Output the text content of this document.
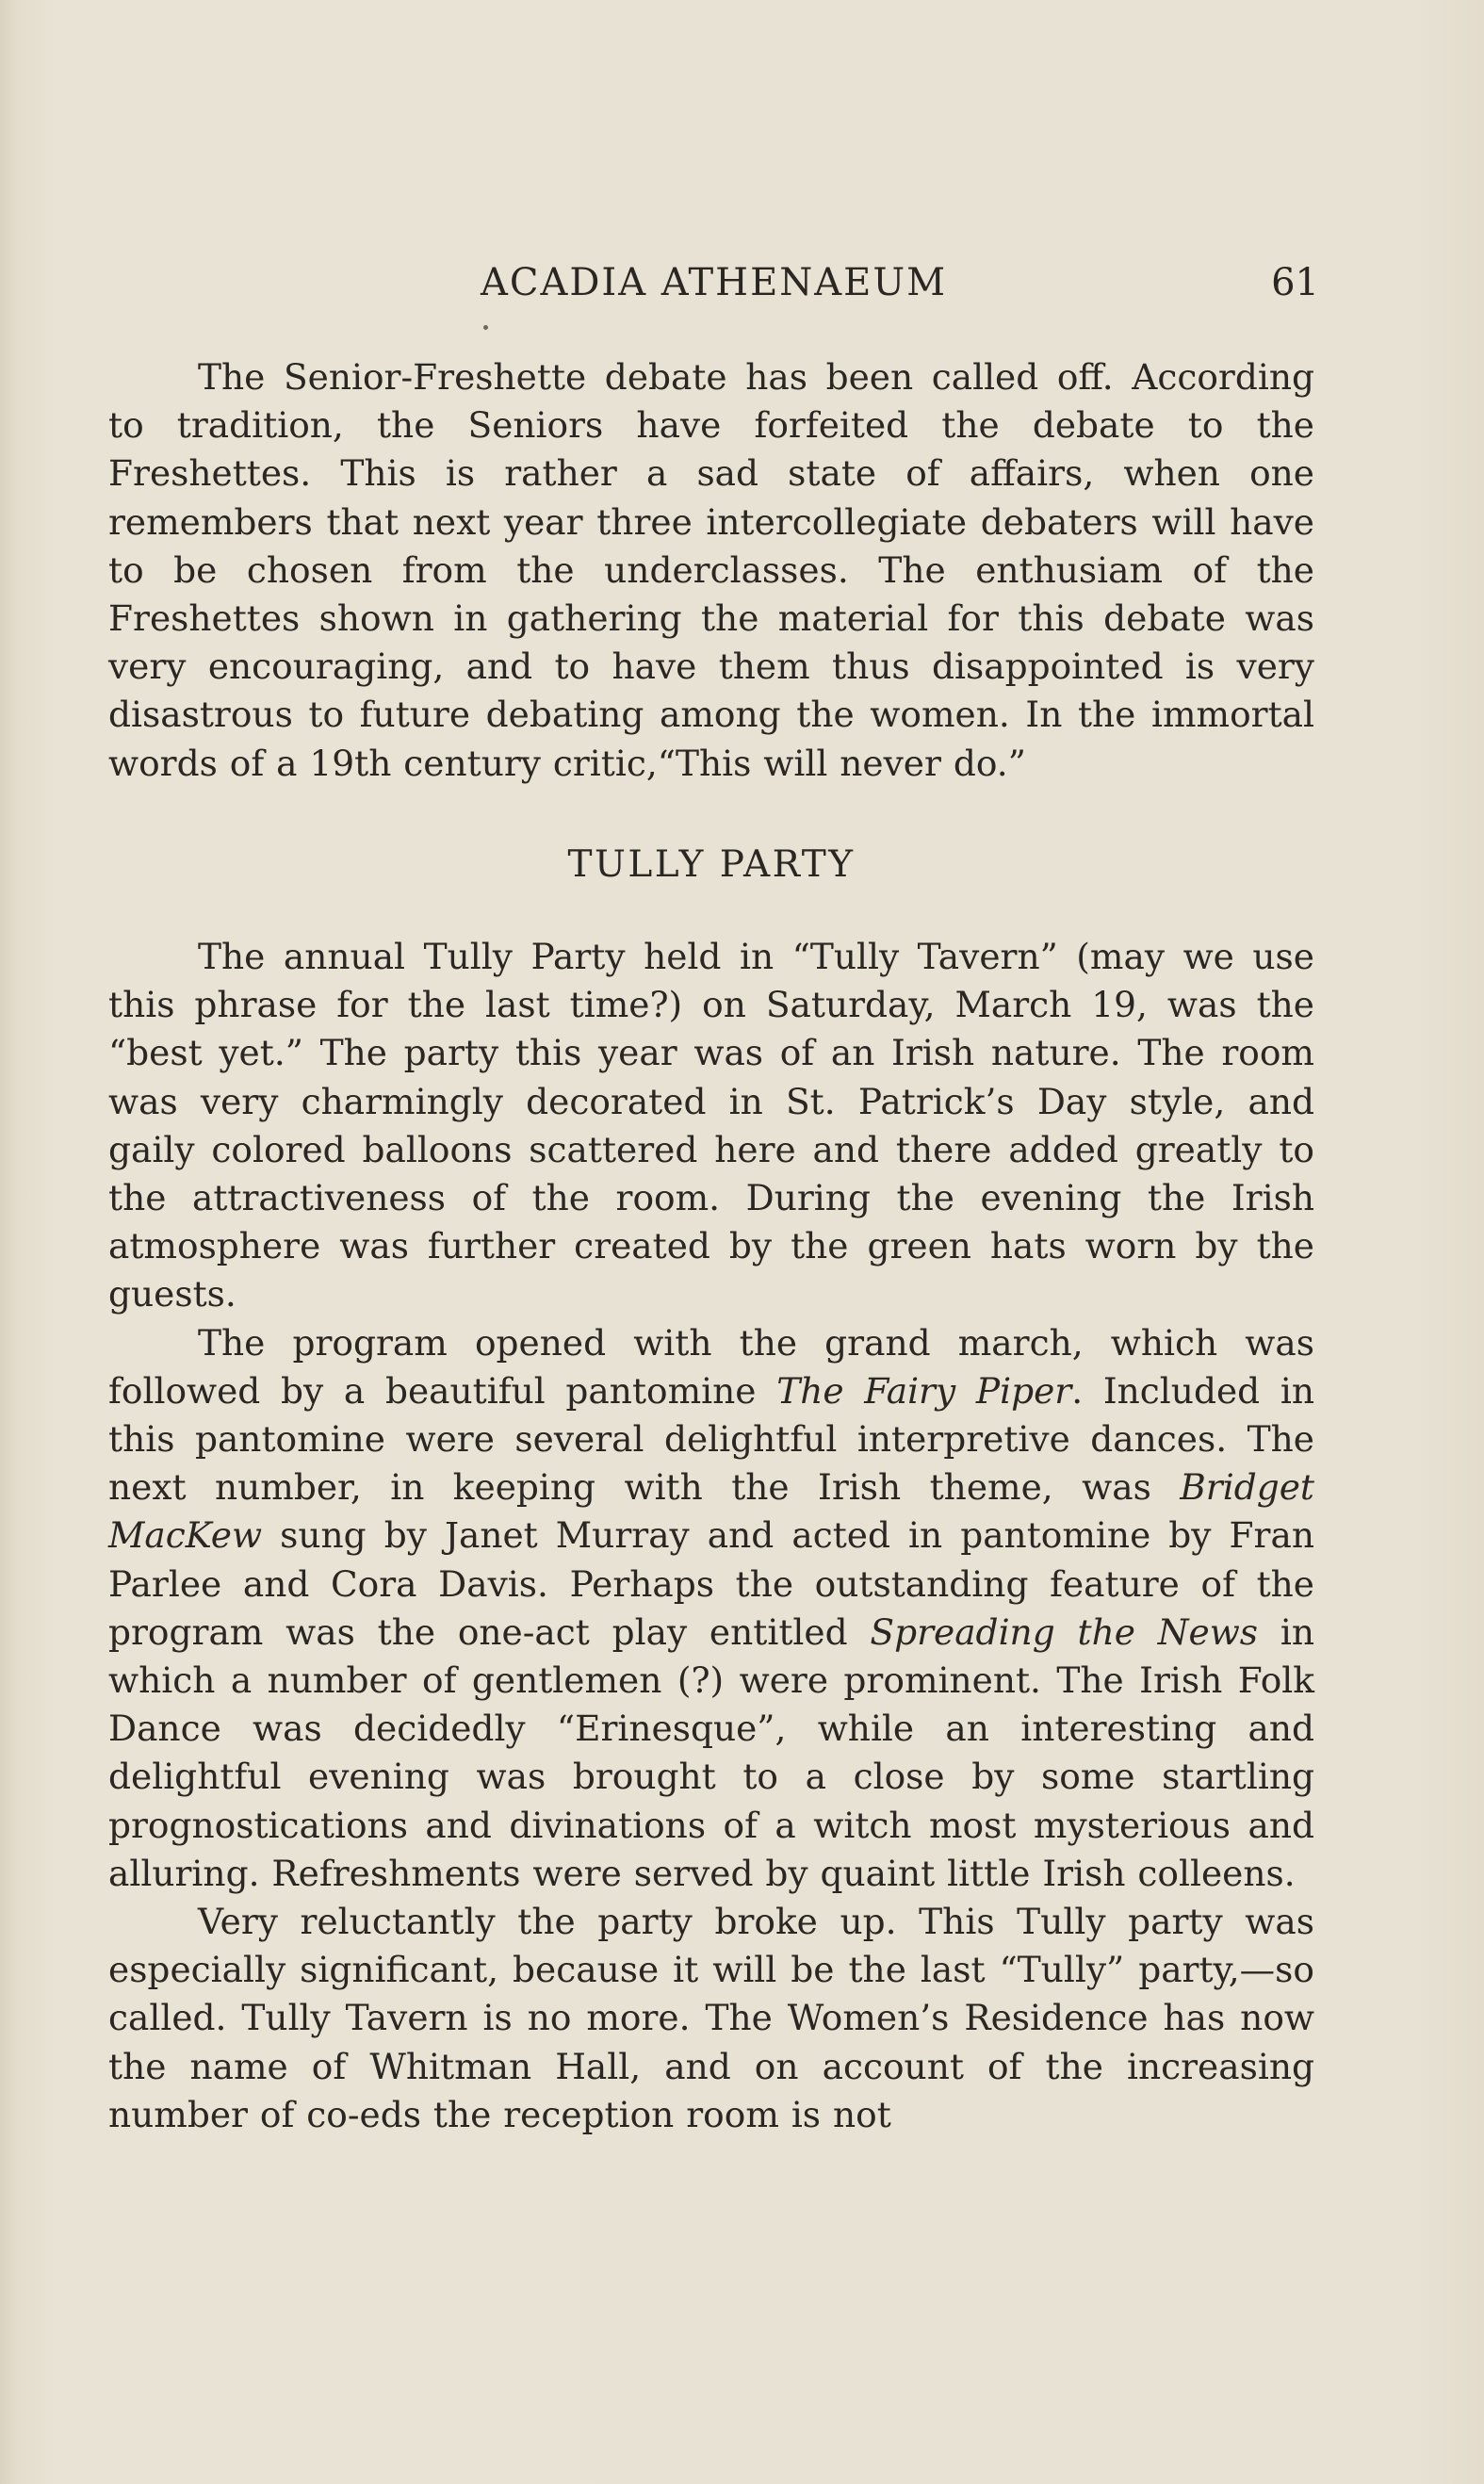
ACADIA ATHENAEUM	61

The Senior-Freshette debate has been called off. According to tradition, the Seniors have forfeited the debate to the Freshettes. This is rather a sad state of affairs, when one remembers that next year three intercollegiate debaters will have to be chosen from the underclasses. The enthusiam of the Freshettes shown in gathering the material for this debate was very encouraging, and to have them thus disappointed is very disastrous to future debating among the women. In the immortal words of a 19th century critic,“This will never do.”

TULLY PARTY

The annual Tully Party held in “Tully Tavern” (may we use this phrase for the last time?) on Saturday, March 19, was the “best yet.” The party this year was of an Irish nature. The room was very charmingly decorated in St. Patrick’s Day style, and gaily colored balloons scattered here and there added greatly to the attractiveness of the room. During the evening the Irish atmosphere was further created by the green hats worn by the guests.

The program opened with the grand march, which was followed by a beautiful pantomine The Fairy Piper. Included in this pantomine were several delightful interpretive dances. The next number, in keeping with the Irish theme, was Bridget MacKew sung by Janet Murray and acted in pantomine by Fran Parlee and Cora Davis. Perhaps the outstanding feature of the program was the one-act play entitled Spreading the News in which a number of gentlemen (?) were prominent. The Irish Folk Dance was decidedly “Erinesque”, while an interesting and delightful evening was brought to a close by some startling prognostications and divinations of a witch most mysterious and alluring. Refreshments were served by quaint little Irish colleens.

Very reluctantly the party broke up. This Tully party was especially significant, because it will be the last “Tully” party,—so called. Tully Tavern is no more. The Women’s Residence has now the name of Whitman Hall, and on account of the increasing number of co-eds the reception room is not
